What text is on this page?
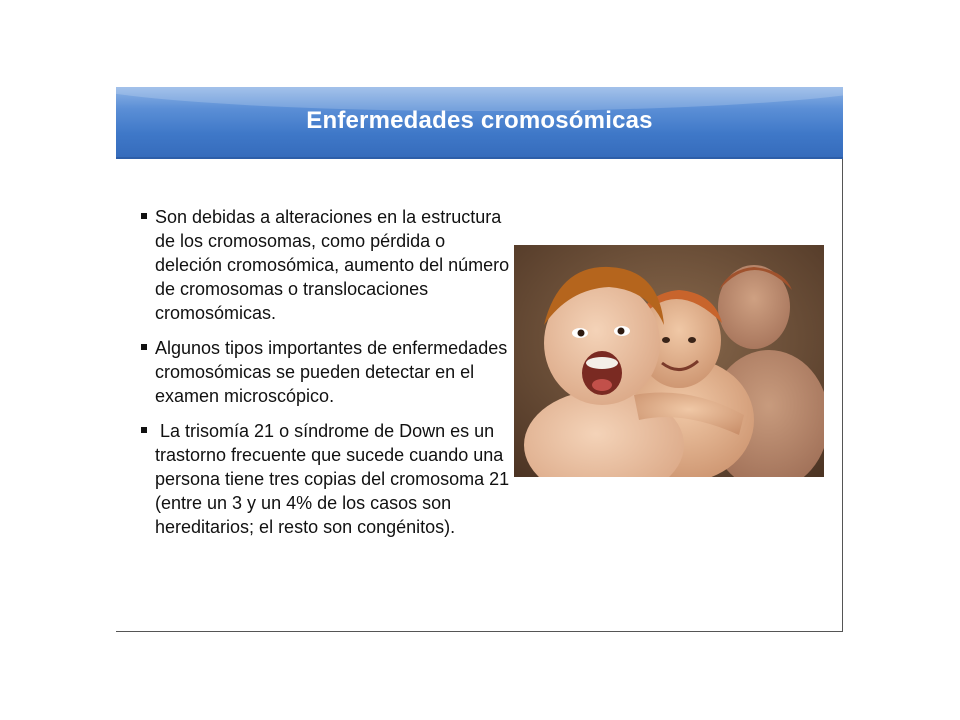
Enfermedades cromosómicas
Son debidas a alteraciones en la estructura de los cromosomas, como pérdida o deleción cromosómica, aumento del número de cromosomas o translocaciones cromosómicas.
Algunos tipos importantes de enfermedades cromosómicas se pueden detectar en el examen microscópico.
La trisomía 21 o síndrome de Down es un trastorno frecuente que sucede cuando una persona tiene tres copias del cromosoma 21 (entre un 3 y un 4% de los casos son hereditarios; el resto son congénitos).
